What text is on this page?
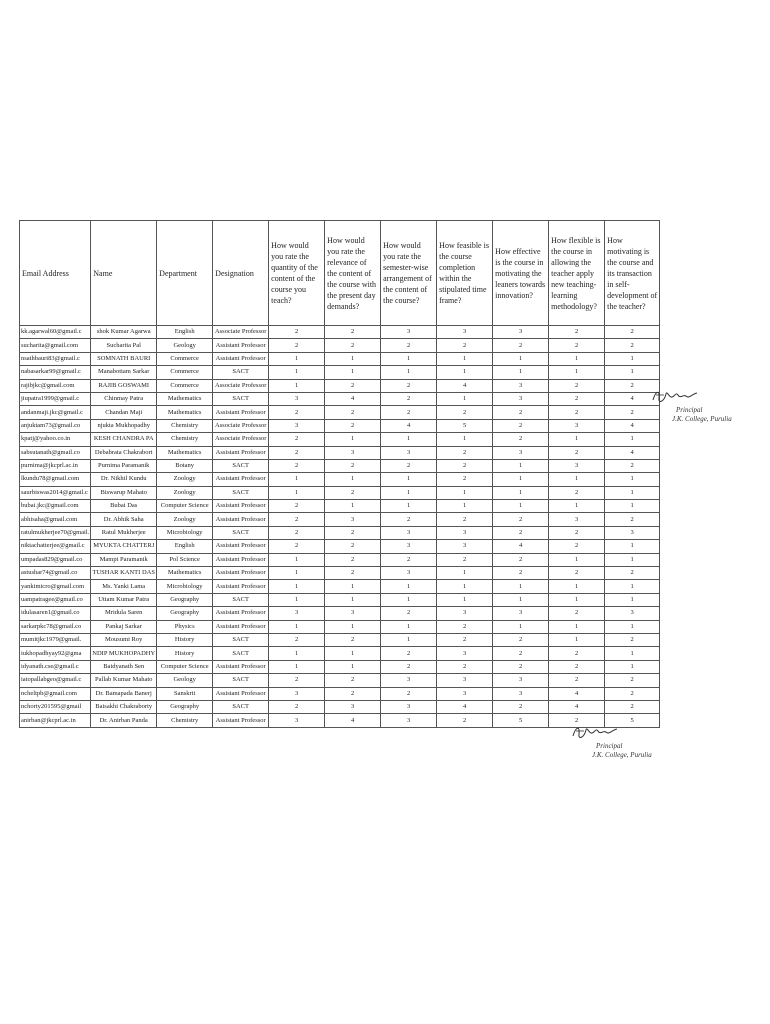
Email Address	Name	Department	Designation	How would you rate the quantity of the content of the course you teach?	How would you rate the relevance of the content of the course with the present day demands?	How would you rate the semester-wise arrangement of the content of the course?	How feasible is the course completion within the stipulated time frame?	How effective is the course in motivating the leaners towards innovation?	How flexible is the course in allowing the teacher apply new teaching-learning methodology?	How motivating is the course and its transaction in self-development of the teacher?
kk.agarwal60@gmail.c	shok Kumar Agarwa	English	Associate Professor	2	2	3	3	3	2	2
sucharita@gmail.com	Sucharita Pal	Geology	Assistant Professor	2	2	2	2	2	2	2
nsathbauri83@gmail.c	SOMNATH BAURI	Commerce	Assistant Professor	1	1	1	1	1	1	1
nabasarkar99@gmail.c	Manabottam Sarkar	Commerce	SACT	1	1	1	1	1	1	1
rajibjkc@gmail.com	RAJIB GOSWAMI	Commerce	Associate Professor	1	2	2	4	3	2	2
jiupatra1999@gmail.c	Chinmay Patra	Mathematics	SACT	3	4	2	1	3	2	4
andanmaji.jkc@gmail.c	Chandan Maji	Mathematics	Assistant Professor	2	2	2	2	2	2	2
anjuktam73@gmail.co	njukta Mukhopadhy	Chemistry	Associate Professor	3	2	4	5	2	3	4
kpatj@yahoo.co.in	KESH CHANDRA PA	Chemistry	Associate Professor	2	1	1	1	2	1	1
sabsutanath@gmail.co	Debabrata Chakrabort	Mathematics	Assistant Professor	2	3	3	2	3	2	4
purnima@jkcprl.ac.in	Purnima Paramanik	Botany	SACT	2	2	2	2	1	3	2
lkundu78@gmail.com	Dr. Nikhil Kundu	Zoology	Assistant Professor	1	1	1	2	1	1	1
saurbiswas2014@gmail.c	Biswarup Mahato	Zoology	SACT	1	2	1	1	1	2	1
bubai.jkc@gmail.com	Bubai Das	Computer Science	Assistant Professor	2	1	1	1	1	1	1
abhisaha@gmail.com	Dr. Abhik Saha	Zoology	Assistant Professor	2	3	2	2	2	3	2
ratulmukherjee70@gmail.	Ratul Mukherjee	Microbiology	SACT	2	2	3	3	2	2	3
niktachatterjee@gmail.c	MYUKTA CHATTERJ	English	Assistant Professor	2	2	3	3	4	2	1
umpadas829@gmail.co	Mampi Paramanik	Pol Science	Assistant Professor	1	2	2	2	2	1	1
astushar74@gmail.co	TUSHAR KANTI DAS	Mathematics	Assistant Professor	1	2	3	1	2	2	2
yankimicro@gmail.com	Ms. Yanki Lama	Microbiology	Assistant Professor	1	1	1	1	1	1	1
uampatragee@gmail.co	Uttam Kumar Patra	Geography	SACT	1	1	1	1	1	1	1
idulasaren1@gmail.co	Mridula Saren	Geography	Assistant Professor	3	3	2	3	3	2	3
sarkarpkc78@gmail.co	Pankaj Sarkar	Physics	Assistant Professor	1	1	1	2	1	1	1
mumitjkc1979@gmail.	Mousumi Roy	History	SACT	2	2	1	2	2	1	2
iukhopadhyay92@gma	NDIP MUKHOPADHY	History	SACT	1	1	2	3	2	2	1
idyanath.cse@gmail.c	Baidyanath Sen	Computer Science	Assistant Professor	1	1	2	2	2	2	1
iatopallabgeo@gmail.c	Pallab Kumar Mahato	Geology	SACT	2	2	3	3	3	2	2
ncheltpb@gmail.com	Dr. Bamapada Banerj	Sanskrit	Assistant Professor	3	2	2	3	3	4	2
nchorty201595@gmail	Baisakhi Chakraborty	Geography	SACT	2	3	3	4	2	4	2
anirban@jkcprl.ac.in	Dr. Anirban Panda	Chemistry	Assistant Professor	3	4	3	2	5	2	5
Principal
J.K. College, Purulia
Principal
J.K. College, Purulia
